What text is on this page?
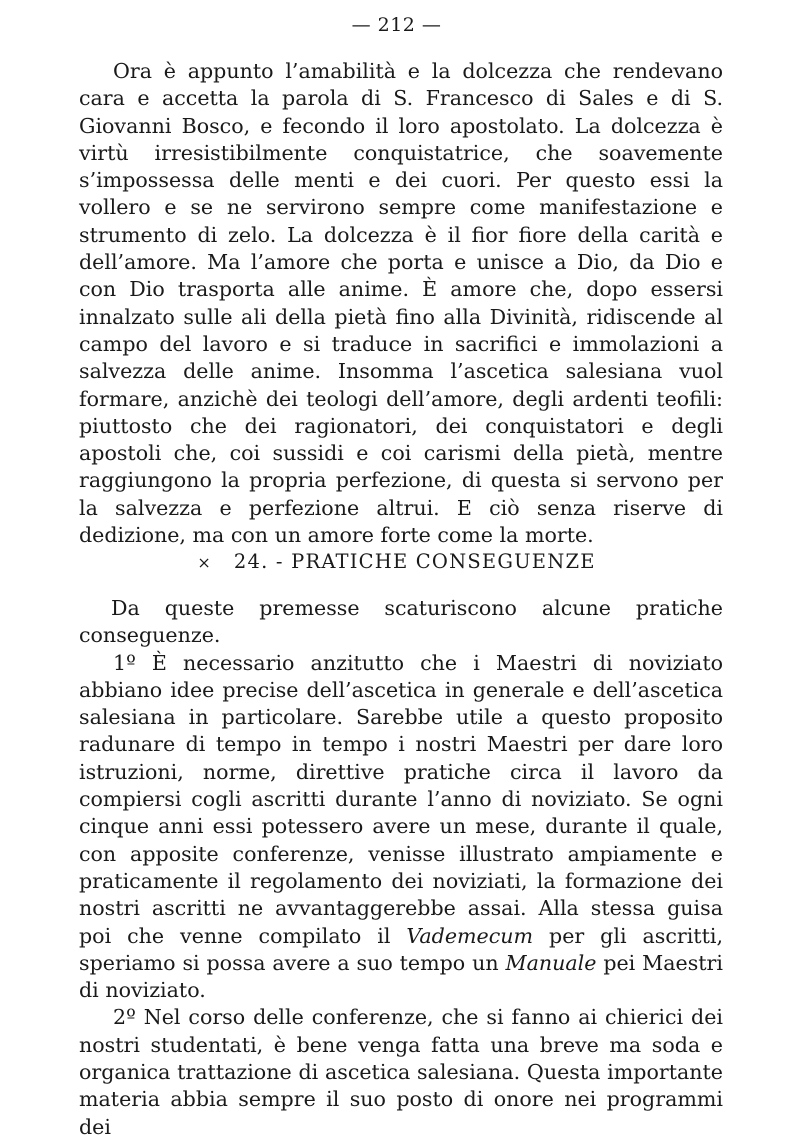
— 212 —

Ora è appunto l’amabilità e la dolcezza che rendevano cara e accetta la parola di S. Francesco di Sales e di S. Giovanni Bosco, e fecondo il loro apostolato. La dolcezza è virtù irresistibilmente conquistatrice, che soavemente s’impossessa delle menti e dei cuori. Per questo essi la vollero e se ne servirono sempre come manifestazione e strumento di zelo. La dolcezza è il fior fiore della carità e dell’amore. Ma l’amore che porta e unisce a Dio, da Dio e con Dio trasporta alle anime. È amore che, dopo essersi innalzato sulle ali della pietà fino alla Divinità, ridiscende al campo del lavoro e si traduce in sacrifici e immolazioni a salvezza delle anime. Insomma l’ascetica salesiana vuol formare, anzichè dei teologi dell’amore, degli ardenti teofili: piuttosto che dei ragionatori, dei conquistatori e degli apostoli che, coi sussidi e coi carismi della pietà, mentre raggiungono la propria perfezione, di questa si servono per la salvezza e perfezione altrui. E ciò senza riserve di dedizione, ma con un amore forte come la morte.

× 24. - PRATICHE CONSEGUENZE

Da queste premesse scaturiscono alcune pratiche conseguenze.

1º È necessario anzitutto che i Maestri di noviziato abbiano idee precise dell’ascetica in generale e dell’ascetica salesiana in particolare. Sarebbe utile a questo proposito radunare di tempo in tempo i nostri Maestri per dare loro istruzioni, norme, direttive pratiche circa il lavoro da compiersi cogli ascritti durante l’anno di noviziato. Se ogni cinque anni essi potessero avere un mese, durante il quale, con apposite conferenze, venisse illustrato ampiamente e praticamente il regolamento dei noviziati, la formazione dei nostri ascritti ne avvantaggerebbe assai. Alla stessa guisa poi che venne compilato il Vademecum per gli ascritti, speriamo si possa avere a suo tempo un Manuale pei Maestri di noviziato.

2º Nel corso delle conferenze, che si fanno ai chierici dei nostri studentati, è bene venga fatta una breve ma soda e organica trattazione di ascetica salesiana. Questa importante materia abbia sempre il suo posto di onore nei programmi dei
